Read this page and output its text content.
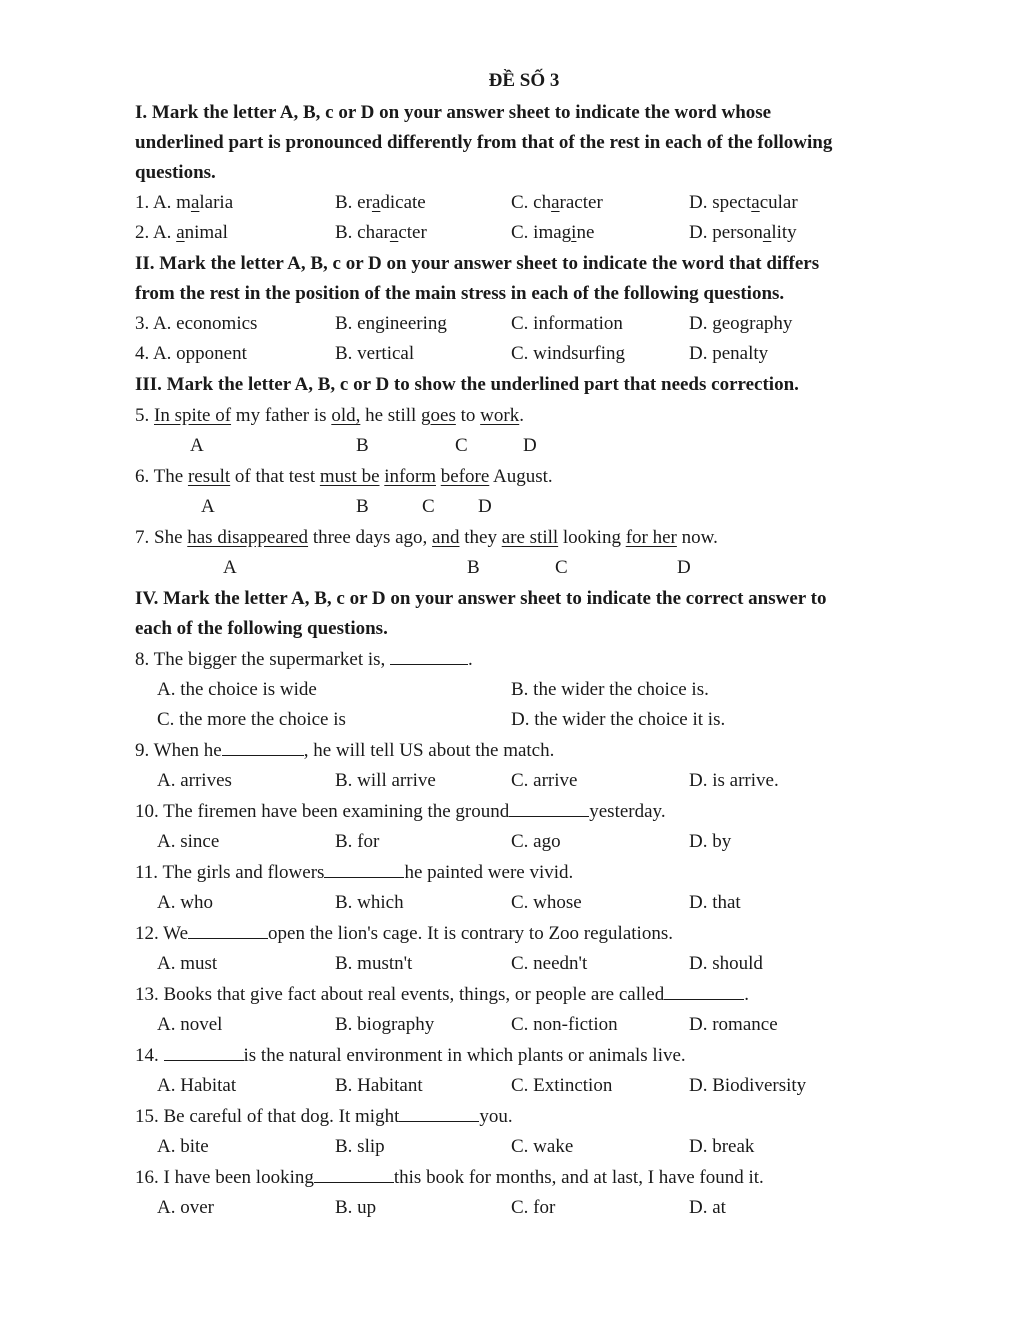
ĐỀ SỐ 3
I. Mark the letter A, B, c or D on your answer sheet to indicate the word whose
underlined part is pronounced differently from that of the rest in each of the following
questions.
1. A. malaria	B. eradicate	C. character	D. spectacular
2. A. animal	B. character	C. imagine	D. personality
II. Mark the letter A, B, c or D on your answer sheet to indicate the word that differs
from the rest in the position of the main stress in each of the following questions.
3. A. economics	B. engineering	C. information	D. geography
4. A. opponent	B. vertical	C. windsurfing	D. penalty
III. Mark the letter A, B, c or D to show the underlined part that needs correction.
5. In spite of my father is old, he still goes to work.
A	B	C	D
6. The result of that test must be inform before August.
A	B	C D
7. She has disappeared three days ago, and they are still looking for her now.
A	B	C	D
IV. Mark the letter A, B, c or D on your answer sheet to indicate the correct answer to
each of the following questions.
8. The bigger the supermarket is,	.
A. the choice is wide	B. the wider the choice is.
C. the more the choice is	D. the wider the choice it is.
9. When he	, he will tell US about the match.
A. arrives	B. will arrive	C. arrive	D. is arrive.
10. The firemen have been examining the ground	yesterday.
A. since	B. for	C. ago	D. by
11. The girls and flowers	he painted were vivid.
A. who	B. which	C. whose	D. that
12. We	open the lion's cage. It is contrary to Zoo regulations.
A. must	B. mustn't	C. needn't	D. should
13. Books that give fact about real events, things, or people are called	.
A. novel	B. biography	C. non-fiction	D. romance
14.	is the natural environment in which plants or animals live.
A. Habitat	B. Habitant	C. Extinction	D. Biodiversity
15. Be careful of that dog. It might	you.
A. bite	B. slip	C. wake	D. break
16. I have been looking	this book for months, and at last, I have found it.
A. over	B. up	C. for	D. at
